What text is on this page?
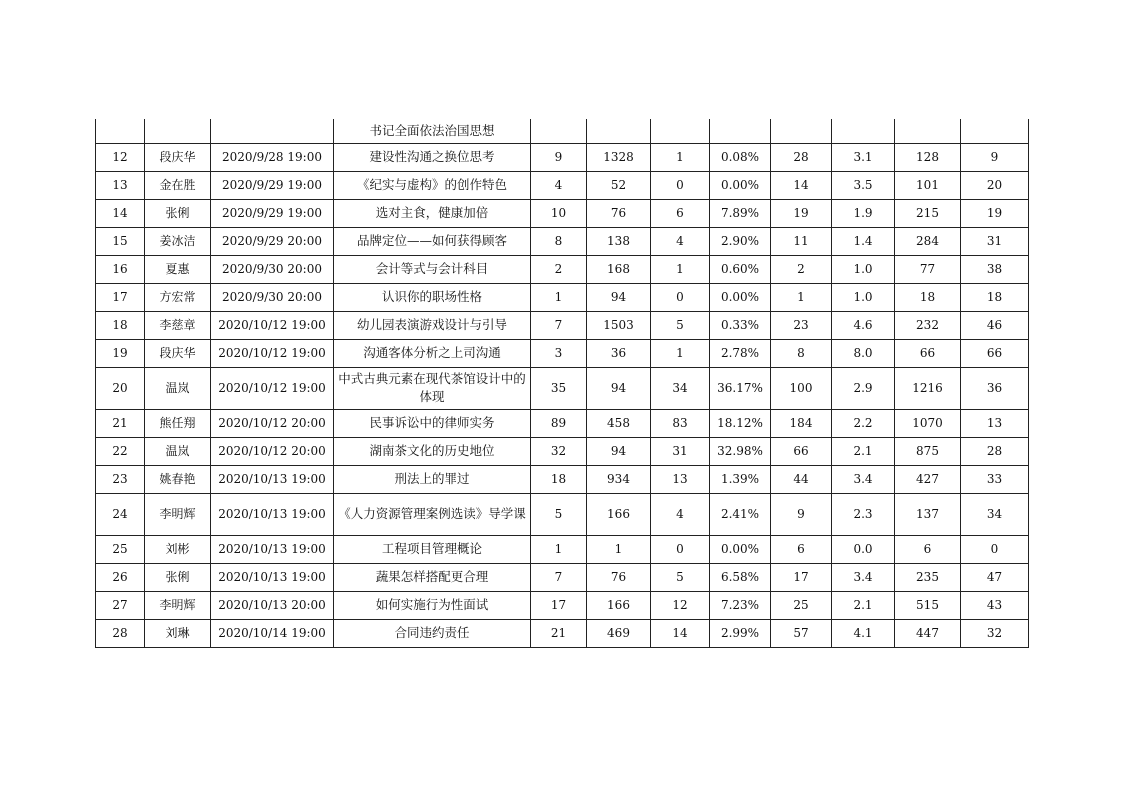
			书记全面依法治国思想								
12	段庆华	2020/9/28 19:00	建设性沟通之换位思考	9	1328	1	0.08%	28	3.1	128	9
13	金在胜	2020/9/29 19:00	《纪实与虚构》的创作特色	4	52	0	0.00%	14	3.5	101	20
14	张俐	2020/9/29 19:00	选对主食，健康加倍	10	76	6	7.89%	19	1.9	215	19
15	姜冰洁	2020/9/29 20:00	品牌定位——如何获得顾客	8	138	4	2.90%	11	1.4	284	31
16	夏惠	2020/9/30 20:00	会计等式与会计科目	2	168	1	0.60%	2	1.0	77	38
17	方宏常	2020/9/30 20:00	认识你的职场性格	1	94	0	0.00%	1	1.0	18	18
18	李慈章	2020/10/12 19:00	幼儿园表演游戏设计与引导	7	1503	5	0.33%	23	4.6	232	46
19	段庆华	2020/10/12 19:00	沟通客体分析之上司沟通	3	36	1	2.78%	8	8.0	66	66
20	温岚	2020/10/12 19:00	中式古典元素在现代茶馆设计中的体现	35	94	34	36.17%	100	2.9	1216	36
21	熊任翔	2020/10/12 20:00	民事诉讼中的律师实务	89	458	83	18.12%	184	2.2	1070	13
22	温岚	2020/10/12 20:00	湖南茶文化的历史地位	32	94	31	32.98%	66	2.1	875	28
23	姚春艳	2020/10/13 19:00	刑法上的罪过	18	934	13	1.39%	44	3.4	427	33
24	李明辉	2020/10/13 19:00	《人力资源管理案例选读》导学课	5	166	4	2.41%	9	2.3	137	34
25	刘彬	2020/10/13 19:00	工程项目管理概论	1	1	0	0.00%	6	0.0	6	0
26	张俐	2020/10/13 19:00	蔬果怎样搭配更合理	7	76	5	6.58%	17	3.4	235	47
27	李明辉	2020/10/13 20:00	如何实施行为性面试	17	166	12	7.23%	25	2.1	515	43
28	刘琳	2020/10/14 19:00	合同违约责任	21	469	14	2.99%	57	4.1	447	32
